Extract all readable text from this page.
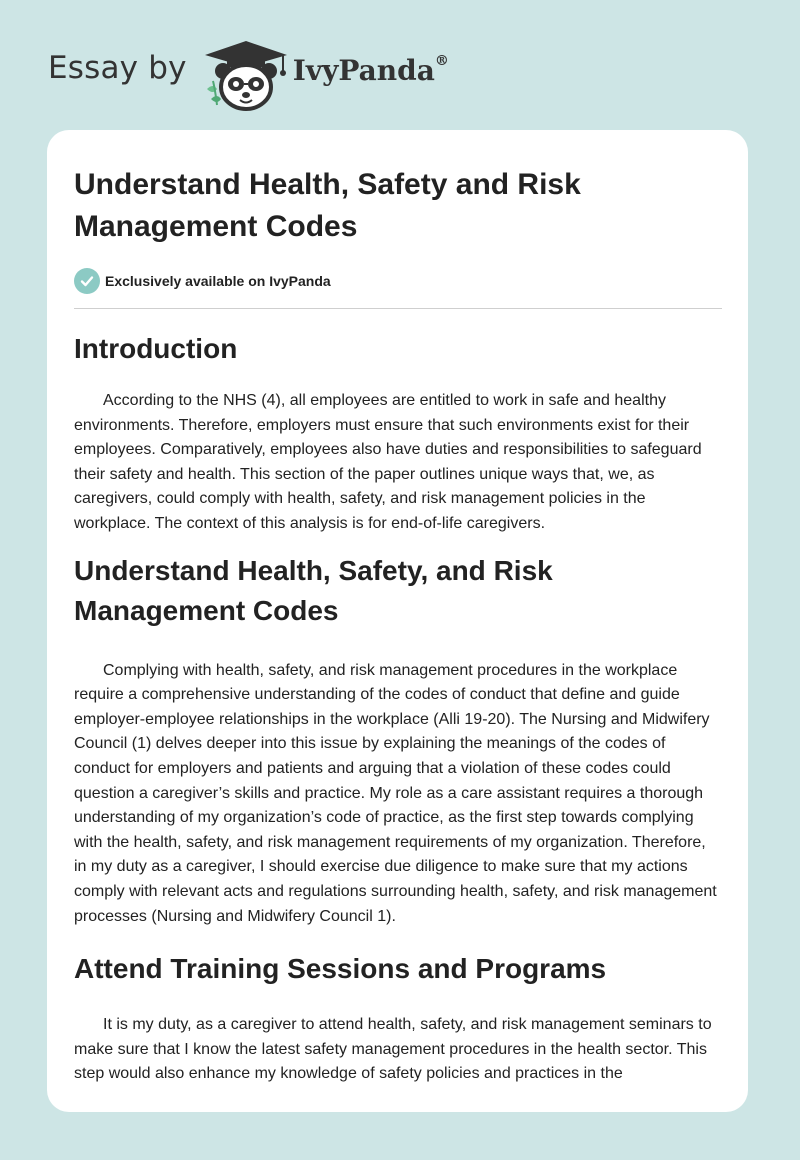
Essay by	IvyPanda®
Understand Health, Safety and Risk Management Codes
Exclusively available on IvyPanda
Introduction

According to the NHS (4), all employees are entitled to work in safe and healthy environments. Therefore, employers must ensure that such environments exist for their employees. Comparatively, employees also have duties and responsibilities to safeguard their safety and health. This section of the paper outlines unique ways that, we, as caregivers, could comply with health, safety, and risk management policies in the workplace. The context of this analysis is for end-of-life caregivers.

Understand Health, Safety, and Risk Management Codes

Complying with health, safety, and risk management procedures in the workplace require a comprehensive understanding of the codes of conduct that define and guide employer-employee relationships in the workplace (Alli 19-20). The Nursing and Midwifery Council (1) delves deeper into this issue by explaining the meanings of the codes of conduct for employers and patients and arguing that a violation of these codes could question a caregiver’s skills and practice. My role as a care assistant requires a thorough understanding of my organization’s code of practice, as the first step towards complying with the health, safety, and risk management requirements of my organization. Therefore, in my duty as a caregiver, I should exercise due diligence to make sure that my actions comply with relevant acts and regulations surrounding health, safety, and risk management processes (Nursing and Midwifery Council 1).

Attend Training Sessions and Programs

It is my duty, as a caregiver to attend health, safety, and risk management seminars to make sure that I know the latest safety management procedures in the health sector. This step would also enhance my knowledge of safety policies and practices in the
